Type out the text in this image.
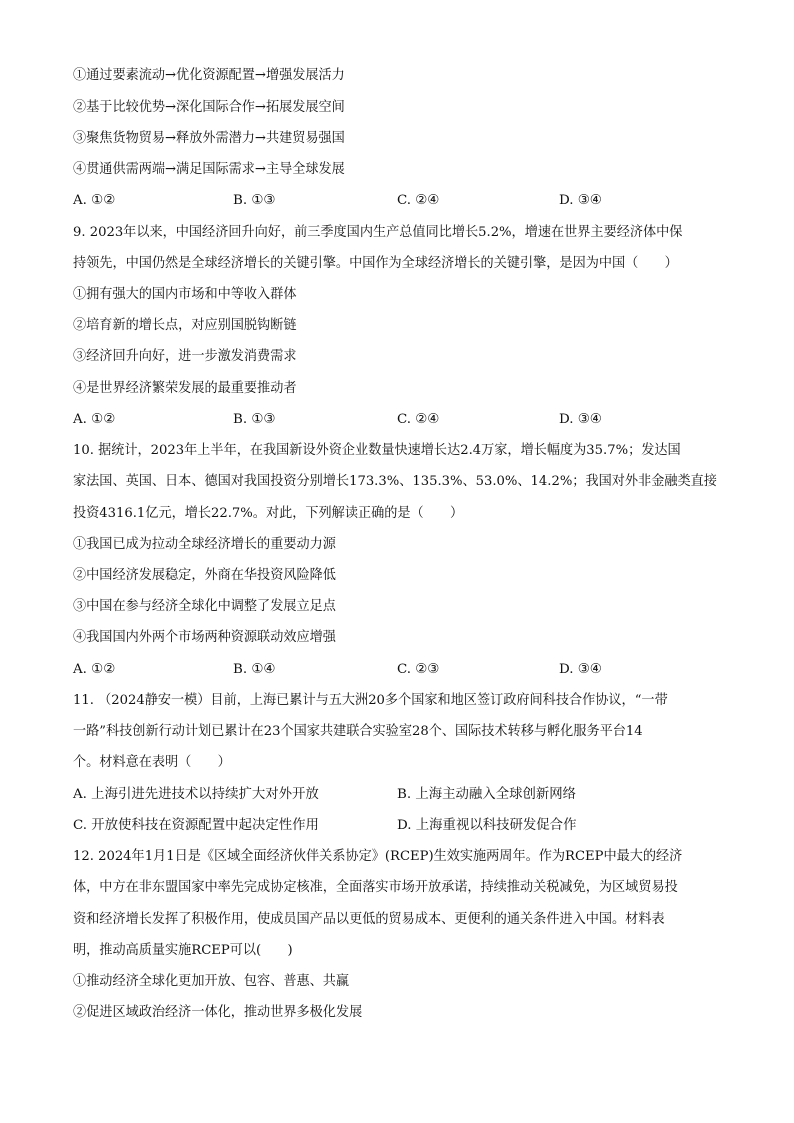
①通过要素流动→优化资源配置→增强发展活力
②基于比较优势→深化国际合作→拓展发展空间
③聚焦货物贸易→释放外需潜力→共建贸易强国
④贯通供需两端→满足国际需求→主导全球发展
A. ①②	B. ①③	C. ②④	D. ③④
9. 2023年以来，中国经济回升向好，前三季度国内生产总值同比增长5.2%，增速在世界主要经济体中保
持领先，中国仍然是全球经济增长的关键引擎。中国作为全球经济增长的关键引擎，是因为中国（　　）
①拥有强大的国内市场和中等收入群体
②培育新的增长点，对应别国脱钩断链
③经济回升向好，进一步激发消费需求
④是世界经济繁荣发展的最重要推动者
A. ①②	B. ①③	C. ②④	D. ③④
10. 据统计，2023年上半年，在我国新设外资企业数量快速增长达2.4万家，增长幅度为35.7%；发达国
家法国、英国、日本、德国对我国投资分别增长173.3%、135.3%、53.0%、14.2%；我国对外非金融类直接
投资4316.1亿元，增长22.7%。对此，下列解读正确的是（　　）
①我国已成为拉动全球经济增长的重要动力源
②中国经济发展稳定，外商在华投资风险降低
③中国在参与经济全球化中调整了发展立足点
④我国国内外两个市场两种资源联动效应增强
A. ①②	B. ①④	C. ②③	D. ③④
11. （2024静安一模）目前，上海已累计与五大洲20多个国家和地区签订政府间科技合作协议，“一带
一路”科技创新行动计划已累计在23个国家共建联合实验室28个、国际技术转移与孵化服务平台14
个。材料意在表明（　　）
A. 上海引进先进技术以持续扩大对外开放	B. 上海主动融入全球创新网络
C. 开放使科技在资源配置中起决定性作用	D. 上海重视以科技研发促合作
12. 2024年1月1日是《区域全面经济伙伴关系协定》(RCEP)生效实施两周年。作为RCEP中最大的经济
体，中方在非东盟国家中率先完成协定核准，全面落实市场开放承诺，持续推动关税减免，为区域贸易投
资和经济增长发挥了积极作用，使成员国产品以更低的贸易成本、更便利的通关条件进入中国。材料表
明，推动高质量实施RCEP可以(　　)
①推动经济全球化更加开放、包容、普惠、共赢
②促进区域政治经济一体化，推动世界多极化发展
